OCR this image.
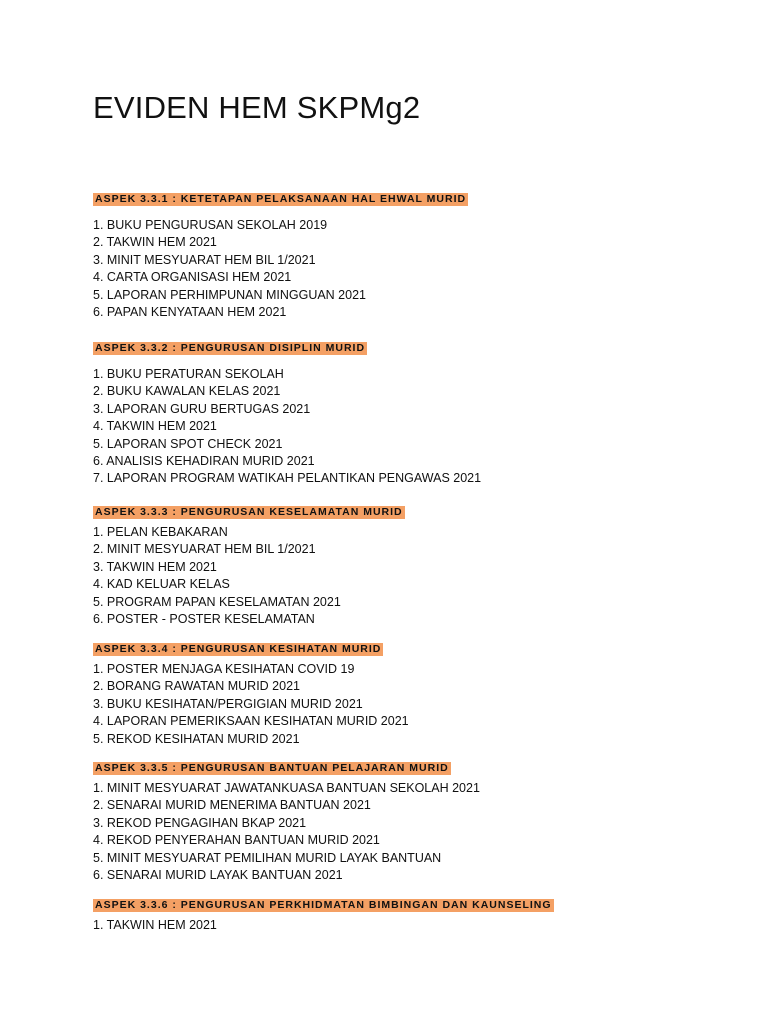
EVIDEN HEM SKPMg2
ASPEK 3.3.1 : KETETAPAN PELAKSANAAN HAL EHWAL MURID
1. BUKU PENGURUSAN SEKOLAH 2019
2. TAKWIN HEM 2021
3. MINIT MESYUARAT HEM BIL 1/2021
4. CARTA ORGANISASI HEM 2021
5. LAPORAN PERHIMPUNAN MINGGUAN 2021
6. PAPAN KENYATAAN HEM 2021
ASPEK 3.3.2 : PENGURUSAN DISIPLIN MURID
1. BUKU PERATURAN SEKOLAH
2. BUKU KAWALAN KELAS 2021
3. LAPORAN GURU BERTUGAS 2021
4. TAKWIN HEM 2021
5. LAPORAN SPOT CHECK 2021
6. ANALISIS KEHADIRAN MURID 2021
7. LAPORAN PROGRAM WATIKAH PELANTIKAN PENGAWAS 2021
ASPEK 3.3.3 : PENGURUSAN KESELAMATAN MURID
1. PELAN KEBAKARAN
2. MINIT MESYUARAT HEM BIL 1/2021
3. TAKWIN HEM 2021
4. KAD KELUAR KELAS
5. PROGRAM PAPAN KESELAMATAN 2021
6. POSTER - POSTER KESELAMATAN
ASPEK 3.3.4 : PENGURUSAN KESIHATAN MURID
1. POSTER MENJAGA KESIHATAN COVID 19
2. BORANG RAWATAN MURID 2021
3. BUKU KESIHATAN/PERGIGIAN MURID 2021
4. LAPORAN PEMERIKSAAN KESIHATAN MURID 2021
5. REKOD KESIHATAN MURID 2021
ASPEK 3.3.5 : PENGURUSAN BANTUAN PELAJARAN MURID
1. MINIT MESYUARAT JAWATANKUASA BANTUAN SEKOLAH 2021
2. SENARAI MURID MENERIMA BANTUAN 2021
3. REKOD PENGAGIHAN BKAP 2021
4. REKOD PENYERAHAN BANTUAN MURID 2021
5. MINIT MESYUARAT PEMILIHAN MURID LAYAK BANTUAN
6. SENARAI MURID LAYAK BANTUAN 2021
ASPEK 3.3.6 : PENGURUSAN PERKHIDMATAN BIMBINGAN DAN KAUNSELING
1. TAKWIN HEM 2021
